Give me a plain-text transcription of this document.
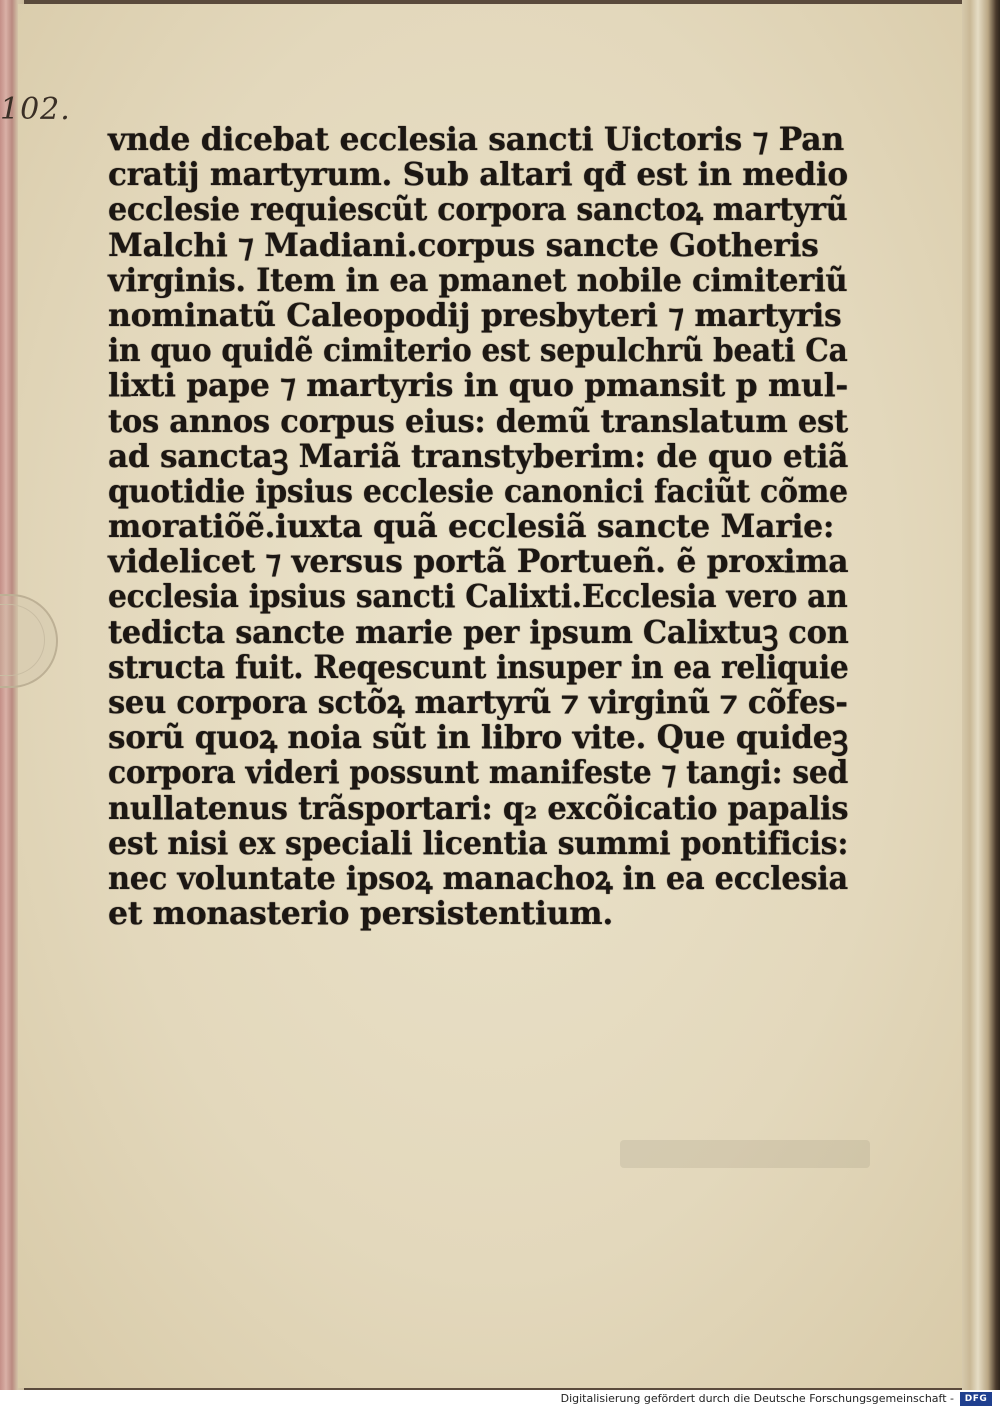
102.
vnde dicebat ecclesia sancti Uictoris ⁊ Pan
cratij martyrum. Sub altari qđ est in medio
ecclesie requiescũt corpora sanctoꝝ martyrũ
Malchi ⁊ Madiani.corpus sancte Gotheris
virginis. Item in ea pmanet nobile cimiteriũ
nominatũ Caleopodij presbyteri ⁊ martyris
in quo quidẽ cimiterio est sepulchrũ beati Ca
lixti pape ⁊ martyris in quo pmansit p mul-
tos annos corpus eius: demũ translatum est
ad sanctaꝫ Mariã transtyberim: de quo etiã
quotidie ipsius ecclesie canonici faciũt cõme
moratiõẽ.iuxta quã ecclesiã sancte Marie:
videlicet ⁊ versus portã Portueñ. ẽ proxima
ecclesia ipsius sancti Calixti.Ecclesia vero an
tedicta sancte marie per ipsum Calixtuꝫ con
structa fuit. Reqescunt insuper in ea reliquie
seu corpora sctõꝝ martyrũ ⁊ virginũ ⁊ cõfes-
sorũ quoꝝ noia sũt in libro vite. Que quideꝫ
corpora videri possunt manifeste ⁊ tangi: sed
nullatenus trãsportari: q₂ excõicatio papalis
est nisi ex speciali licentia summi pontificis:
nec voluntate ipsoꝝ manachoꝝ in ea ecclesia
et monasterio persistentium.
Digitalisierung gefördert durch die Deutsche Forschungsgemeinschaft -	DFG
